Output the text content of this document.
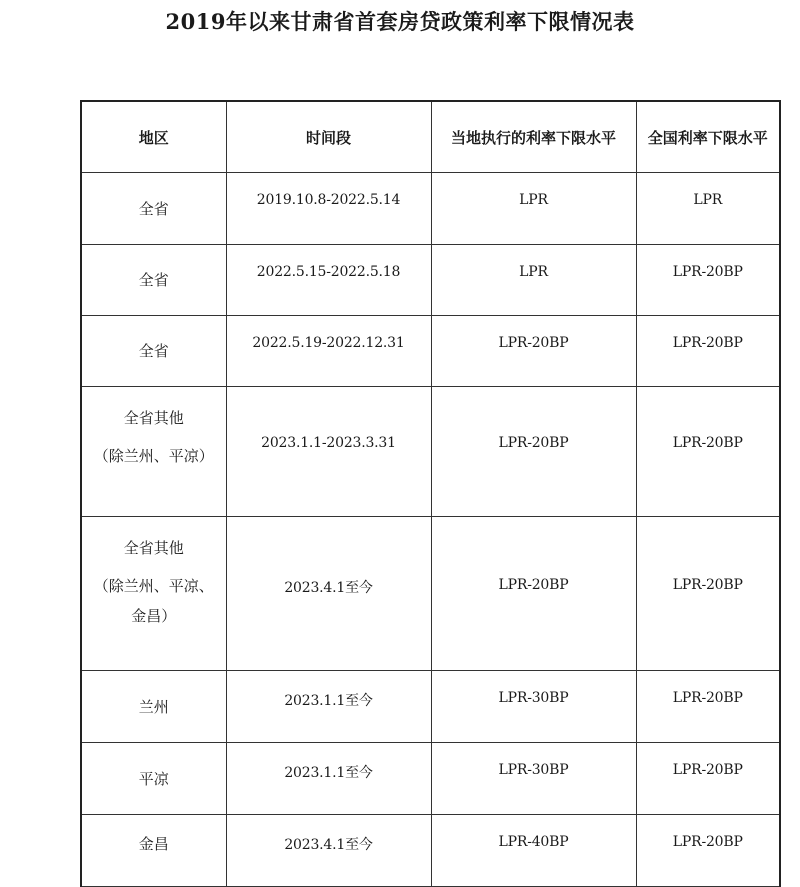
2019年以来甘肃省首套房贷政策利率下限情况表
地区	时间段	当地执行的利率下限水平	全国利率下限水平

全省	2019.10.8-2022.5.14	LPR	LPR

全省	2022.5.15-2022.5.18	LPR	LPR-20BP

全省	2022.5.19-2022.12.31	LPR-20BP	LPR-20BP

全省其他
（除兰州、平凉）	2023.1.1-2023.3.31	LPR-20BP	LPR-20BP

全省其他
（除兰州、平凉、
金昌）	2023.4.1至今	LPR-20BP	LPR-20BP

兰州	2023.1.1至今	LPR-30BP	LPR-20BP

平凉	2023.1.1至今	LPR-30BP	LPR-20BP

金昌	2023.4.1至今	LPR-40BP	LPR-20BP
